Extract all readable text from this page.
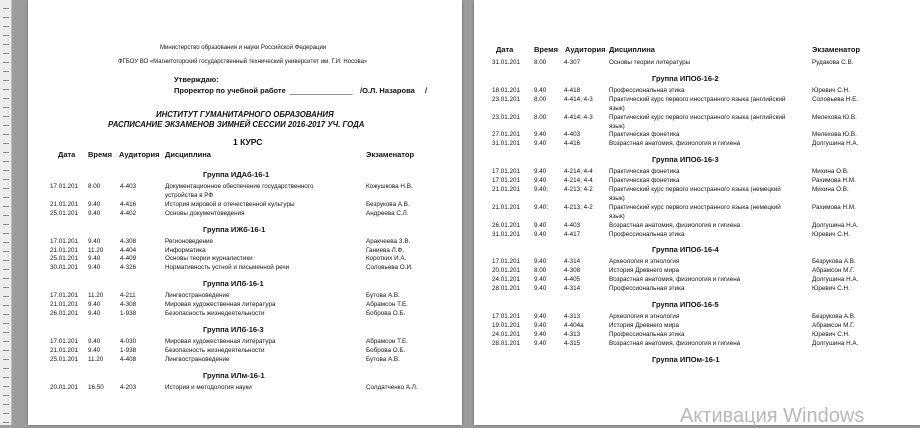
Министерство образования и науки Российской Федерации
ФГБОУ ВО «Магнитогорский государственный технический университет им. Г.И. Носова»
Утверждаю:
Проректор по учебной работе _______________ /О.Л. Назарова /
ИНСТИТУТ ГУМАНИТАРНОГО ОБРАЗОВАНИЯ
РАСПИСАНИЕ ЭКЗАМЕНОВ ЗИМНЕЙ СЕССИИ 2016-2017 УЧ. ГОДА
1 КУРС
Дата Время Аудитория Дисциплина	Экзаменатор
Группа ИДАб-16-1
17.01.201 8.00	4-403	Документационное обеспечение государственного	Кожушкова Н.В.
устройства в РФ
21.01.201 9.40	4-416	История мировой и отечественной культуры	Безрукова А.В.
25.01.201 9.40	4-402	Основы документоведения	Андреева С.Л.
Группа ИЖб-16-1
17.01.201 9.40	4-308	Регионоведение	Аракчеева З.В.
21.01.201 11.20	4-404	Информатика	Ганиева Л.Ф.
25.01.201 9.40	4-409	Основы теории журналистики	Коротких И.А.
30.01.201 9.40	4-326	Нормативность устной и письменной речи	Соловьева О.И.
Группа ИЛб-16-1
17.01.201 11.20	4-211	Лингвострановедение	Бутова А.В.
21.01.201 9.40	4-308	Мировая художественная литература	Абрамсон Т.Е.
26.01.201 9.40	1-938	Безопасность жизнедеятельности	Боброва О.Б.
Группа ИЛб-16-3
17.01.201 9.40	4-030	Мировая художественная литература	Абрамсон Т.Е.
21.01.201 9.40	1-938	Безопасность жизнедеятельности	Боброва О.Б.
25.01.201 11.20	4-408	Лингвострановедение	Бутова А.В.
Группа ИЛм-16-1
20.01.201 16.50	4-203	История и методология науки	Солдатченко А.Л.
Дата	Время Аудитория Дисциплина	Экзаменатор
31.01.201 8.00	4-307	Основы теории литературы	Рудакова С.В.
Группа ИПОб-16-2
18.01.201 9.40	4-418	Профессиональная этика	Юревич С.Н.
23.01.201 8.00	4-414; 4-3	Практический курс первого иностранного языка (английский	Соловьева Н.Е.
язык)
23.01.201 8.00	4-414; 4-3	Практический курс первого иностранного языка (английский	Мелехова Ю.В.
язык)
27.01.201 9.40	4-403	Практическая фонетика	Мелехова Ю.В.
31.01.201 9.40	4-416	Возрастная анатомия, физиология и гигиена	Долгушина Н.А.
Группа ИПОб-16-3
17.01.201 9.40	4-214; 4-4	Практическая фонетика	Михина О.В.
17.01.201 9.40	4-214; 4-4	Практическая фонетика	Рахимова Н.М.
21.01.201 9.40;	4-213; 4-2	Практический курс первого иностранного языка (немецкий	Михина О.В.
язык)
21.01.201 9.40;	4-213; 4-2	Практический курс первого иностранного языка (немецкий	Рахимова Н.М.
язык)
26.01.201 9.40	4-403	Возрастная анатомия, физиология и гигиена	Долгушина Н.А.
31.01.201 9.40	4-417	Профессиональная этика	Юревич С.Н.
Группа ИПОб-16-4
17.01.201 9.40	4-314	Археология и этнология	Безрукова А.В.
20.01.201 8.00	4-308	История Древнего мира	Абрамсон М.Г.
24.01.201 9.40	4-405	Возрастная анатомия, физиология и гигиена	Долгушина Н.А.
28.01.201 9.40	4-314	Профессиональная этика	Юревич С.Н.
Группа ИПОб-16-5
17.01.201 9.40	4-313	Археология и этнология	Безрукова А.В.
19.01.201 9.40	4-404а	История Древнего мира	Абрамсон М.Г.
24.01.201 9.40	4-313	Профессиональная этика	Юревич С.Н.
28.01.201 9.40	4-315	Возрастная анатомия, физиология и гигиена	Долгушина Н.А.
Группа ИПОм-16-1
Активация Windows
